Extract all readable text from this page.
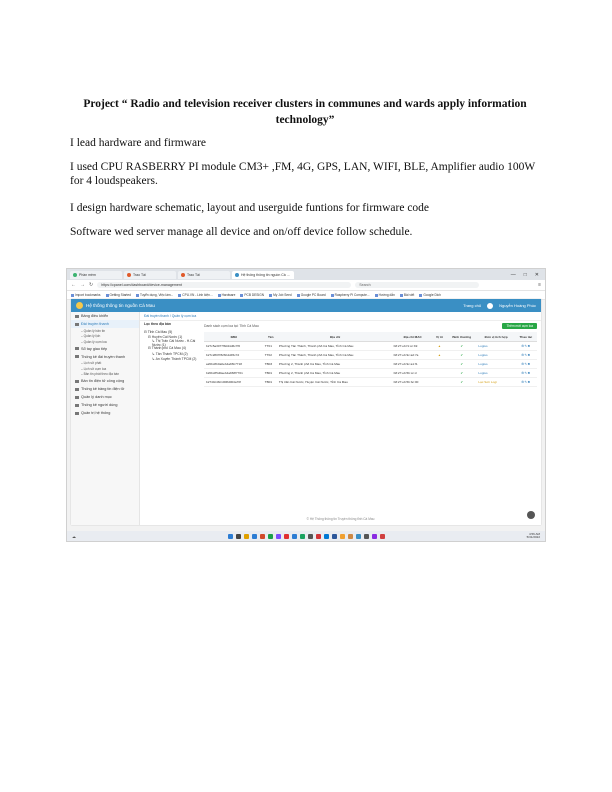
Project “ Radio and television receiver clusters in communes and wards apply information technology”
I lead hardware and firmware
I used CPU RASBERRY PI module CM3+ ,FM, 4G, GPS, LAN, WIFI, BLE, Amplifier audio 100W for 4 loudspeakers.
I design hardware schematic, layout and userguide funtions for firmware code
Software wed server manage all device and on/off device follow schedule.
Phần mềm	Trao Tài	Trao Tài	Hệ thống thông tin nguồn Cà ...	— □ ✕
← → ↻	https://cpanel.com/dashboard/device-management	Search	≡
Import bookmarks	Getting Started	Tuyển dụng, Việc làm...	CPU.VN - Linh kiện...	Hardware	PCB DESIGN	My Job Seed	Google PC Board	Raspberry Pi Compute...	Hướng dẫn	Bài viết	Google Dich
Hệ thống thông tin nguồn Cà Mau	Trang chủ	Nguyễn Hoàng Phúc
Bảng điều khiển
Đài truyền thanh
– Quản lý bản tin
– Quản lý lịch
– Quản lý cụm loa
Sổ tay giao tiếp
Thống kê đài truyền thanh
– Lịch sử phát
– Lịch sử cụm loa
– Bản tin phát theo địa bàn
Bản tin điện tử công cộng
Thống kê bảng tin điện tử
Quản lý danh mục
Thống kê người dùng
Quản trị hệ thống
Đài truyền thanh / Quản lý cụm loa
Lọc theo địa bàn
⊟ Tỉnh Cà Mau (5)
⊟ Huyện Cái Nước (1)
↳ Thị Trấn Cái Nước - H.Cái Nước (1)
⊟ Thành phố Cà Mau (4)
↳ Tân Thành TPCM (2)
↳ An Xuyên Thành TPCM (2)
Danh sách cụm loa tại: Tỉnh Cà Mau	Thêm mới cụm loa
IMEI	Tên	Địa chỉ	Địa chỉ MAC	Vị trí	Bình thường	Đơn vị tích hợp	Thao tác
b27c5a3077f8d44d6c7f0	TT01	Phường Tân Thành, Thành phố Cà Mau, Tỉnh Cà Mau	b8:27:eb:f1:cc:b9	▲	✔	Logiso	⚙✎✖
b27c280f7826b4d45c7d	TT02	Phường Tân Thành, Thành phố Cà Mau, Tỉnh Cà Mau	b8:27:eb:9c:a2:7a	▲	✔	Logiso	⚙✎✖
a20bc8b0a0eb4ab5b7718	TB03	Phường 2, Thành phố Cà Mau, Tỉnh Cà Mau	b8:27:eb:9c:a1:f1		✔	Logiso	⚙✎✖
b20bc85d0aeb4ab58f7701	TB01	Phường 2, Thành phố Cà Mau, Tỉnh Cà Mau	b8:27:eb:5b:cc:d		✔	Logiso	⚙✎✖
b2740c48c1008d004a70f	TB01	Thị trấn Cái Nước, Huyện Cái Nước, Tỉnh Cà Mau	b8:27:eb:5b:bc:00		✔	Lạc Sơn Logi	⚙✎✖
© Hệ Thống thông tin Truyền thông tỉnh Cà Mau
☁	4:56 AM
5/31/2022
